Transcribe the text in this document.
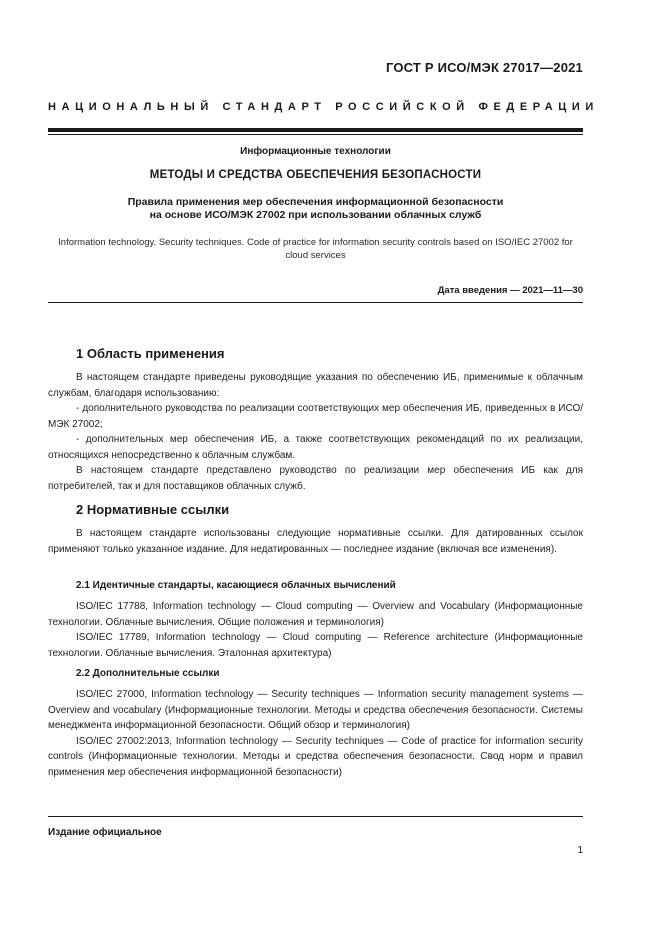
ГОСТ Р ИСО/МЭК 27017—2021
НАЦИОНАЛЬНЫЙ СТАНДАРТ РОССИЙСКОЙ ФЕДЕРАЦИИ
Информационные технологии
МЕТОДЫ И СРЕДСТВА ОБЕСПЕЧЕНИЯ БЕЗОПАСНОСТИ
Правила применения мер обеспечения информационной безопасности
на основе ИСО/МЭК 27002 при использовании облачных служб
Information technology. Security techniques. Code of practice for information security controls based on ISO/IEC 27002 for cloud services
Дата введения — 2021—11—30
1 Область применения

В настоящем стандарте приведены руководящие указания по обеспечению ИБ, применимые к облачным службам, благодаря использованию:

- дополнительного руководства по реализации соответствующих мер обеспечения ИБ, приведенных в ИСО/МЭК 27002;

- дополнительных мер обеспечения ИБ, а также соответствующих рекомендаций по их реализации, относящихся непосредственно к облачным службам.

В настоящем стандарте представлено руководство по реализации мер обеспечения ИБ как для потребителей, так и для поставщиков облачных служб.

2 Нормативные ссылки

В настоящем стандарте использованы следующие нормативные ссылки. Для датированных ссылок применяют только указанное издание. Для недатированных — последнее издание (включая все изменения).

2.1 Идентичные стандарты, касающиеся облачных вычислений

ISO/IEC 17788, Information technology — Cloud computing — Overview and Vocabulary (Информационные технологии. Облачные вычисления. Общие положения и терминология)

ISO/IEC 17789, Information technology — Cloud computing — Reference architecture (Информационные технологии. Облачные вычисления. Эталонная архитектура)

2.2 Дополнительные ссылки

ISO/IEC 27000, Information technology — Security techniques — Information security management systems — Overview and vocabulary (Информационные технологии. Методы и средства обеспечения безопасности. Системы менеджмента информационной безопасности. Общий обзор и терминология)

ISO/IEC 27002:2013, Information technology — Security techniques — Code of practice for information security controls (Информационные технологии. Методы и средства обеспечения безопасности. Свод норм и правил применения мер обеспечения информационной безопасности)

Издание официальное
1
